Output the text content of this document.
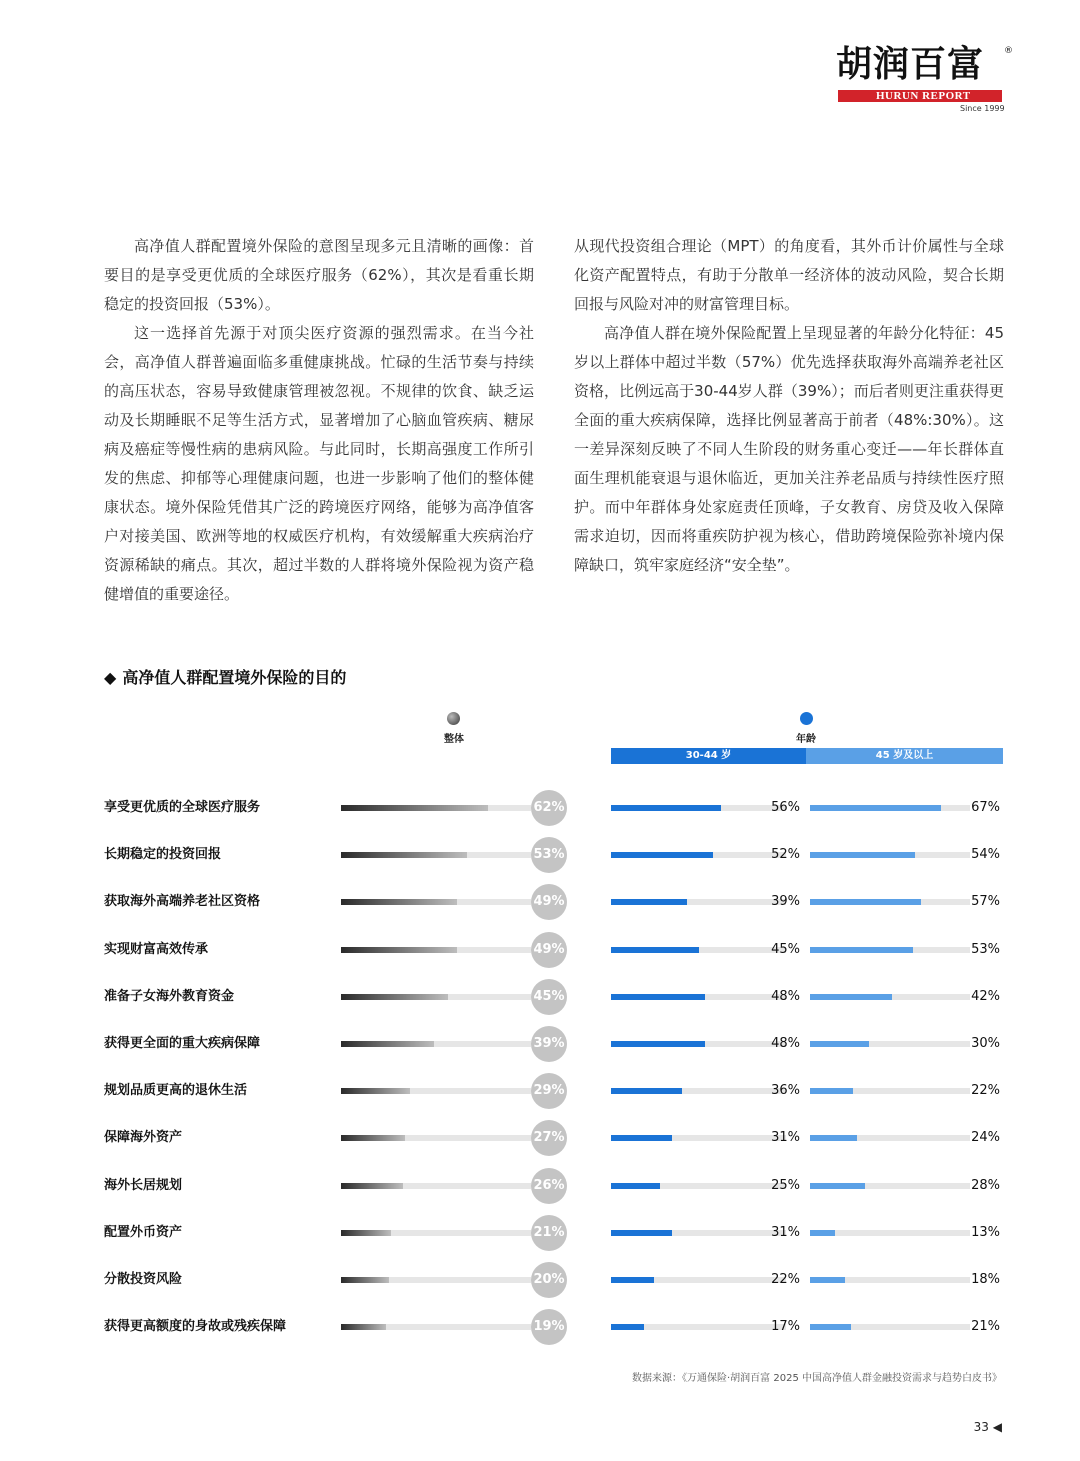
胡润百富 ®
HURUN REPORT
Since 1999

高净值人群配置境外保险的意图呈现多元且清晰的画像：首要目的是享受更优质的全球医疗服务（62%），其次是看重长期稳定的投资回报（53%）。

这一选择首先源于对顶尖医疗资源的强烈需求。在当今社会，高净值人群普遍面临多重健康挑战。忙碌的生活节奏与持续的高压状态，容易导致健康管理被忽视。不规律的饮食、缺乏运动及长期睡眠不足等生活方式，显著增加了心脑血管疾病、糖尿病及癌症等慢性病的患病风险。与此同时，长期高强度工作所引发的焦虑、抑郁等心理健康问题，也进一步影响了他们的整体健康状态。境外保险凭借其广泛的跨境医疗网络，能够为高净值客户对接美国、欧洲等地的权威医疗机构，有效缓解重大疾病治疗资源稀缺的痛点。其次，超过半数的人群将境外保险视为资产稳健增值的重要途径。

从现代投资组合理论（MPT）的角度看，其外币计价属性与全球化资产配置特点，有助于分散单一经济体的波动风险，契合长期回报与风险对冲的财富管理目标。

高净值人群在境外保险配置上呈现显著的年龄分化特征：45岁以上群体中超过半数（57%）优先选择获取海外高端养老社区资格，比例远高于30-44岁人群（39%）；而后者则更注重获得更全面的重大疾病保障，选择比例显著高于前者（48%:30%）。这一差异深刻反映了不同人生阶段的财务重心变迁——年长群体直面生理机能衰退与退休临近，更加关注养老品质与持续性医疗照护。而中年群体身处家庭责任顶峰，子女教育、房贷及收入保障需求迫切，因而将重疾防护视为核心，借助跨境保险弥补境内保障缺口，筑牢家庭经济“安全垫”。

◆ 高净值人群配置境外保险的目的
整体	年龄
30-44 岁	45 岁及以上
享受更优质的全球医疗服务	62%	56%	67%
长期稳定的投资回报	53%	52%	54%
获取海外高端养老社区资格	49%	39%	57%
实现财富高效传承	49%	45%	53%
准备子女海外教育资金	45%	48%	42%
获得更全面的重大疾病保障	39%	48%	30%
规划品质更高的退休生活	29%	36%	22%
保障海外资产	27%	31%	24%
海外长居规划	26%	25%	28%
配置外币资产	21%	31%	13%
分散投资风险	20%	22%	18%
获得更高额度的身故或残疾保障	19%	17%	21%
数据来源：《万通保险·胡润百富 2025 中国高净值人群金融投资需求与趋势白皮书》
33 ◀
